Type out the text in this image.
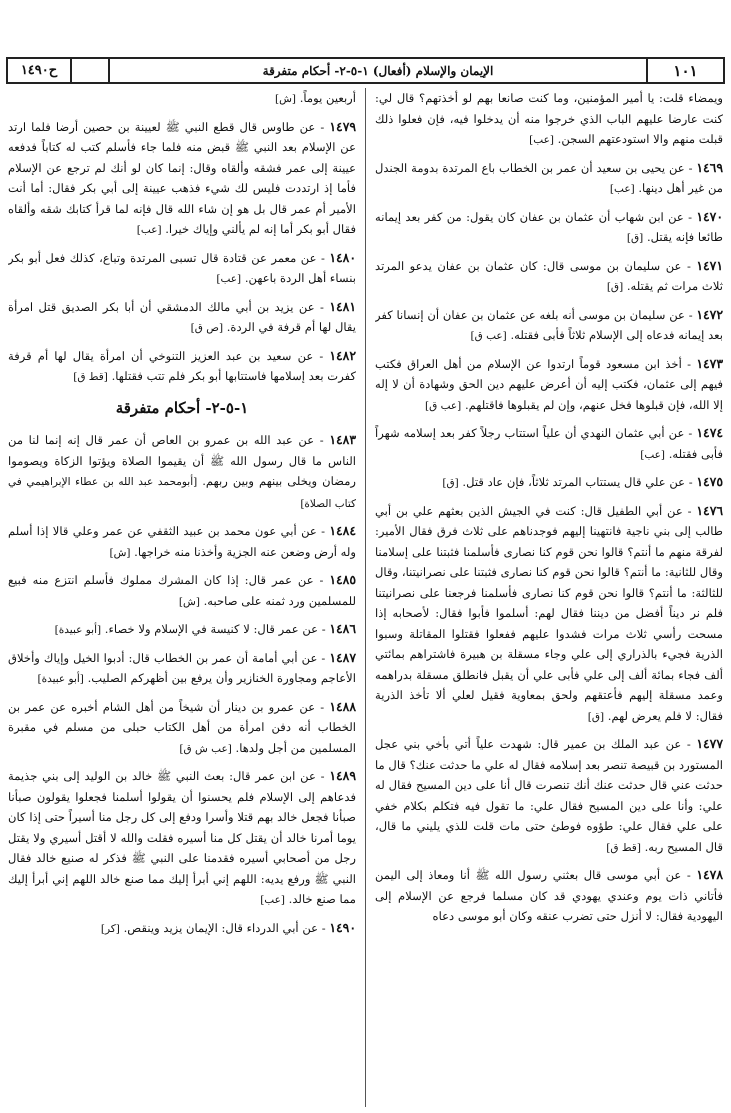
١٠١
الإيمان والإسلام (أفعال) ١-٥-٢- أحكام متفرقة
ح١٤٩٠

ويمضاء قلت: يا أمير المؤمنين، وما كنت صانعا بهم لو أخذتهم؟ قال لي: كنت عارضا عليهم الباب الذي خرجوا منه أن يدخلوا فيه، فإن فعلوا ذلك قبلت منهم والا استودعتهم السجن. [عب]

١٤٦٩ - عن يحيى بن سعيد أن عمر بن الخطاب باع المرتدة بدومة الجندل من غير أهل دينها. [عب]

١٤٧٠ - عن ابن شهاب أن عثمان بن عفان كان يقول: من كفر بعد إيمانه طائعا فإنه يقتل. [ق]

١٤٧١ - عن سليمان بن موسى قال: كان عثمان بن عفان يدعو المرتد ثلاث مرات ثم يقتله. [ق]

١٤٧٢ - عن سليمان بن موسى أنه بلغه عن عثمان بن عفان أن إنسانا كفر بعد إيمانه فدعاه إلى الإسلام ثلاثاً فأبى فقتله. [عب ق]

١٤٧٣ - أخذ ابن مسعود قوماً ارتدوا عن الإسلام من أهل العراق فكتب فيهم إلى عثمان، فكتب إليه أن أعرض عليهم دين الحق وشهادة أن لا إله إلا الله، فإن قبلوها فخل عنهم، وإن لم يقبلوها فاقتلهم. [عب ق]

١٤٧٤ - عن أبي عثمان النهدي أن علياً استتاب رجلاً كفر بعد إسلامه شهراً فأبى فقتله. [عب]

١٤٧٥ - عن علي قال يستتاب المرتد ثلاثاً، فإن عاد قتل. [ق]

١٤٧٦ - عن أبي الطفيل قال: كنت في الجيش الذين بعثهم علي بن أبي طالب إلى بني ناجية فانتهينا إليهم فوجدناهم على ثلاث فرق فقال الأمير: لفرقة منهم ما أنتم؟ قالوا نحن قوم كنا نصارى فأسلمنا فثبتنا على إسلامنا وقال للثانية: ما أنتم؟ قالوا نحن قوم كنا نصارى فثبتنا على نصرانيتنا، وقال للثالثة: ما أنتم؟ قالوا نحن قوم كنا نصارى فأسلمنا فرجعنا على نصرانيتنا فلم نر ديناً أفضل من ديننا فقال لهم: أسلموا فأبوا فقال: لأصحابه إذا مسحت رأسي ثلاث مرات فشدوا عليهم ففعلوا فقتلوا المقاتلة وسبوا الذرية فجيء بالذراري إلى علي وجاء مسقلة بن هبيرة فاشتراهم بمائتي ألف فجاء بمائة ألف إلى علي فأبى علي أن يقبل فانطلق مسقلة بدراهمه وعمد مسقلة إليهم فأعتقهم ولحق بمعاوية فقيل لعلي ألا تأخذ الذرية فقال: لا فلم يعرض لهم. [ق]

١٤٧٧ - عن عبد الملك بن عمير قال: شهدت علياً أتي بأخي بني عجل المستورد بن قبيصة تنصر بعد إسلامه فقال له علي ما حدثت عنك؟ قال ما حدثت عني قال حدثت عنك أنك تنصرت قال أنا على دين المسيح فقال له علي: وأنا على دين المسيح فقال علي: ما تقول فيه فتكلم بكلام خفي على علي فقال علي: طؤوه فوطئ حتى مات قلت للذي يليني ما قال، قال المسيح ربه. [قط ق]

١٤٧٨ - عن أبي موسى قال بعثني رسول الله ﷺ أنا ومعاذ إلى اليمن فأتاني ذات يوم وعندي يهودي قد كان مسلما فرجع عن الإسلام إلى اليهودية فقال: لا أنزل حتى تضرب عنقه وكان أبو موسى دعاه

أربعين يوماً. [ش]

١٤٧٩ - عن طاوس قال قطع النبي ﷺ لعيينة بن حصين أرضا فلما ارتد عن الإسلام بعد النبي ﷺ قبض منه فلما جاء فأسلم كتب له كتاباً فدفعه عيينة إلى عمر فشقه وألقاه وقال: إنما كان لو أنك لم ترجع عن الإسلام فأما إذ ارتددت فليس لك شيء فذهب عيينة إلى أبي بكر فقال: أما أنت الأمير أم عمر قال بل هو إن شاء الله قال فإنه لما قرأ كتابك شقه وألقاه فقال أبو بكر أما إنه لم يألني وإياك خيرا. [عب]

١٤٨٠ - عن معمر عن قتادة قال تسبى المرتدة وتباع، كذلك فعل أبو بكر بنساء أهل الردة باعهن. [عب]

١٤٨١ - عن يزيد بن أبي مالك الدمشقي أن أبا بكر الصديق قتل امرأة يقال لها أم قرفة في الردة. [ص ق]

١٤٨٢ - عن سعيد بن عبد العزيز التنوخي أن امرأة يقال لها أم قرفة كفرت بعد إسلامها فاستتابها أبو بكر فلم تتب فقتلها. [قط ق]

١-٥-٢- أحكام متفرقة

١٤٨٣ - عن عبد الله بن عمرو بن العاص أن عمر قال إنه إنما لنا من الناس ما قال رسول الله ﷺ أن يقيموا الصلاة ويؤتوا الزكاة ويصوموا رمضان ويخلى بينهم وبين ربهم. [أبومحمد عبد الله بن عطاء الإبراهيمي في كتاب الصلاة]

١٤٨٤ - عن أبي عون محمد بن عبيد الثقفي عن عمر وعلي قالا إذا أسلم وله أرض وضعن عنه الجزية وأخذنا منه خراجها. [ش]

١٤٨٥ - عن عمر قال: إذا كان المشرك مملوك فأسلم انتزع منه فبيع للمسلمين ورد ثمنه على صاحبه. [ش]

١٤٨٦ - عن عمر قال: لا كنيسة في الإسلام ولا خصاء. [أبو عبيدة]

١٤٨٧ - عن أبي أمامة أن عمر بن الخطاب قال: أدبوا الخيل وإياك وأخلاق الأعاجم ومجاورة الخنازير وأن يرفع بين أظهركم الصليب. [أبو عبيدة]

١٤٨٨ - عن عمرو بن دينار أن شيخاً من أهل الشام أخبره عن عمر بن الخطاب أنه دفن امرأة من أهل الكتاب حبلى من مسلم في مقبرة المسلمين من أجل ولدها. [عب ش ق]

١٤٨٩ - عن ابن عمر قال: بعث النبي ﷺ خالد بن الوليد إلى بني جذيمة فدعاهم إلى الإسلام فلم يحسنوا أن يقولوا أسلمنا فجعلوا يقولون صبأنا صبأنا فجعل خالد بهم قتلا وأسرا ودفع إلى كل رجل منا أسيراً حتى إذا كان يوما أمرنا خالد أن يقتل كل منا أسيره فقلت والله لا أقتل أسيري ولا يقتل رجل من أصحابي أسيره فقدمنا على النبي ﷺ فذكر له صنيع خالد فقال النبي ﷺ ورفع يديه: اللهم إني أبرأ إليك مما صنع خالد اللهم إني أبرأ إليك مما صنع خالد. [عب]

١٤٩٠ - عن أبي الدرداء قال: الإيمان يزيد وينقص. [كر]
